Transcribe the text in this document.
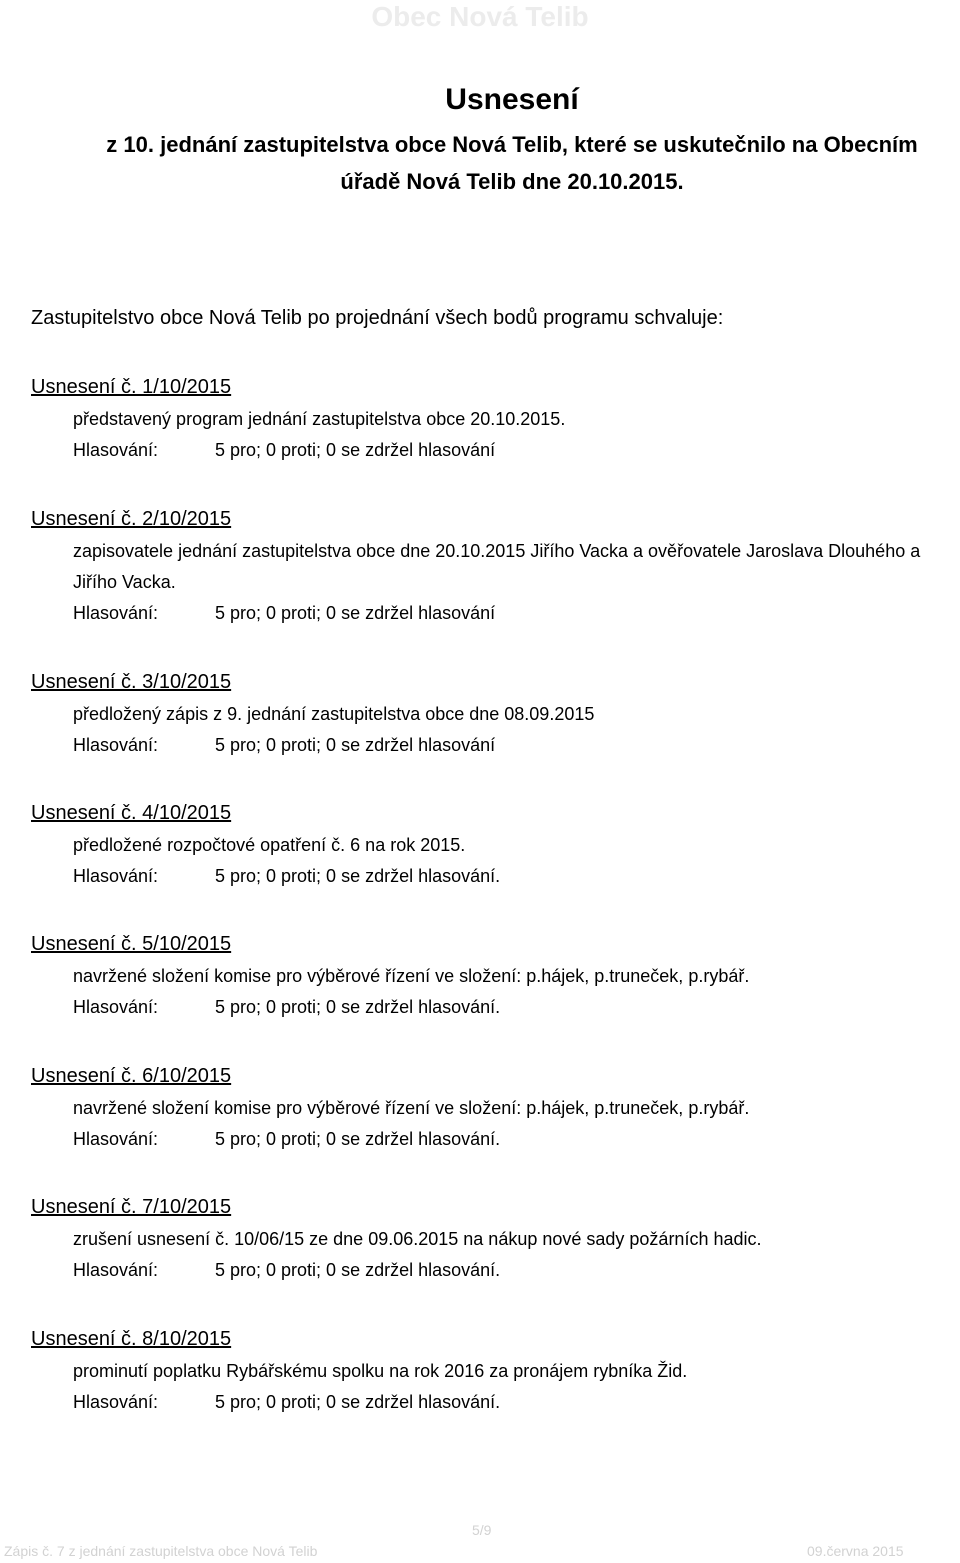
Obec Nová Telib
Usnesení
z 10. jednání zastupitelstva obce Nová Telib, které se uskutečnilo na Obecním
úřadě Nová Telib dne 20.10.2015.
Zastupitelstvo obce Nová Telib po projednání všech bodů programu schvaluje:
Usnesení č. 1/10/2015
představený program jednání zastupitelstva obce 20.10.2015.
Hlasování:	5 pro; 0 proti; 0 se zdržel hlasování
Usnesení č. 2/10/2015
zapisovatele jednání zastupitelstva obce dne 20.10.2015 Jiřího Vacka a ověřovatele Jaroslava Dlouhého a Jiřího Vacka.
Hlasování:	5 pro; 0 proti; 0 se zdržel hlasování
Usnesení č. 3/10/2015
předložený zápis z 9. jednání zastupitelstva obce dne 08.09.2015
Hlasování:	5 pro; 0 proti; 0 se zdržel hlasování
Usnesení č. 4/10/2015
předložené rozpočtové opatření č. 6 na rok 2015.
Hlasování:	5 pro; 0 proti; 0 se zdržel hlasování.
Usnesení č. 5/10/2015
navržené složení komise pro výběrové řízení ve složení: p.hájek, p.truneček, p.rybář.
Hlasování:	5 pro; 0 proti; 0 se zdržel hlasování.
Usnesení č. 6/10/2015
navržené složení komise pro výběrové řízení ve složení: p.hájek, p.truneček, p.rybář.
Hlasování:	5 pro; 0 proti; 0 se zdržel hlasování.
Usnesení č. 7/10/2015
zrušení usnesení č. 10/06/15 ze dne 09.06.2015 na nákup nové sady požárních hadic.
Hlasování:	5 pro; 0 proti; 0 se zdržel hlasování.
Usnesení č. 8/10/2015
prominutí poplatku Rybářskému spolku na rok 2016 za pronájem rybníka Žid.
Hlasování:	5 pro; 0 proti; 0 se zdržel hlasování.
5/9
Zápis č. 7 z jednání zastupitelstva obce Nová Telib	09.června 2015
